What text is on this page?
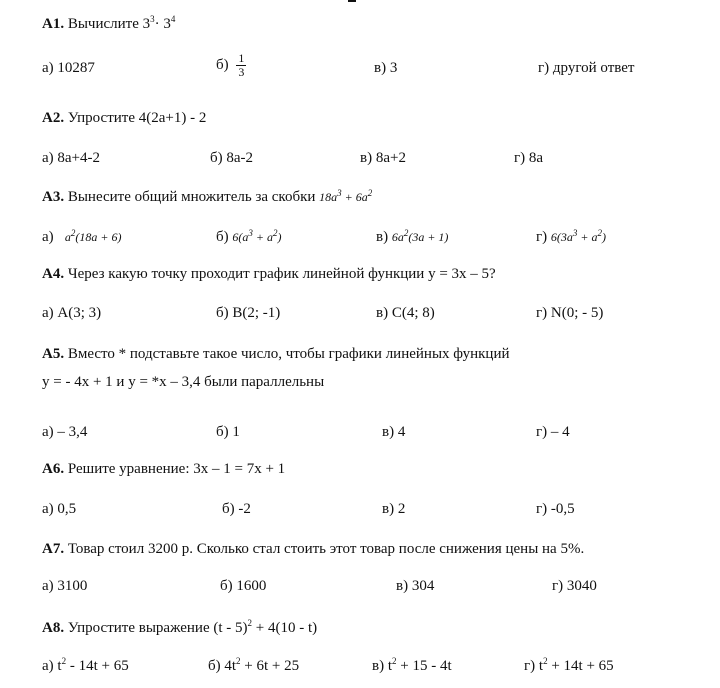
A1. Вычислите $3^3\cdot 3^4$
а) 10287	$б) \frac{1}{3}$	в) 3	г) другой ответ
A2. Упростите 4(2а+1) - 2
а) 8а+4-2	б) 8а-2	в) 8а+2	г) 8а
A3. Вынесите общий множитель за скобки $18a^3 + 6a^2$
а) $a^2(18a + 6)$	б) $6(a^3 + a^2)$	в) $6a^2(3a + 1)$	г) $6(3a^3 + a^2)$
A4. Через какую точку проходит график линейной функции y = 3x – 5?
а) A(3; 3)	б) B(2; -1)	в) C(4; 8)	г) N(0; - 5)
A5. Вместо * подставьте такое число, чтобы графики линейных функций
y = - 4x + 1 и y = *x – 3,4 были параллельны
а) – 3,4	б) 1	в) 4	г) – 4
A6. Решите уравнение: 3x – 1 = 7x + 1
а) 0,5	б) -2	в) 2	г) -0,5
A7. Товар стоил 3200 р. Сколько стал стоить этот товар после снижения цены на 5%.
а) 3100	б) 1600	в) 304	г) 3040
A8. Упростите выражение (t - 5)$^2$ + 4(10 - t)
а) $t^2 - 14t + 65$	б) $4t^2 + 6t + 25$	в) $t^2 + 15 - 4t$	г) $t^2 + 14t + 65$
